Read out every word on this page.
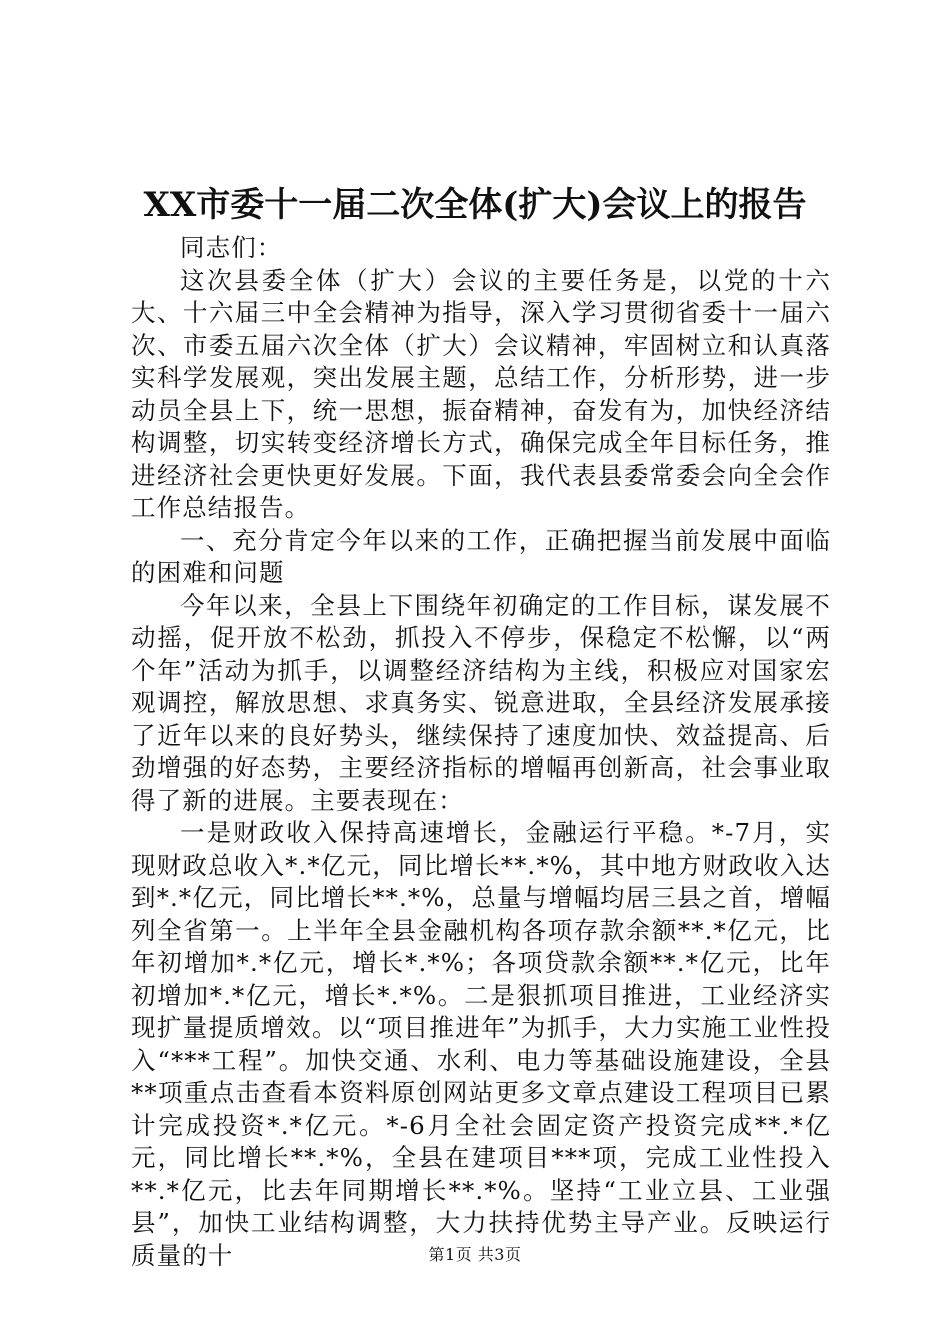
XX市委十一届二次全体(扩大)会议上的报告

同志们：

这次县委全体（扩大）会议的主要任务是，以党的十六大、十六届三中全会精神为指导，深入学习贯彻省委十一届六次、市委五届六次全体（扩大）会议精神，牢固树立和认真落实科学发展观，突出发展主题，总结工作，分析形势，进一步动员全县上下，统一思想，振奋精神，奋发有为，加快经济结构调整，切实转变经济增长方式，确保完成全年目标任务，推进经济社会更快更好发展。下面，我代表县委常委会向全会作工作总结报告。

一、充分肯定今年以来的工作，正确把握当前发展中面临的困难和问题

今年以来，全县上下围绕年初确定的工作目标，谋发展不动摇，促开放不松劲，抓投入不停步，保稳定不松懈，以“两个年”活动为抓手，以调整经济结构为主线，积极应对国家宏观调控，解放思想、求真务实、锐意进取，全县经济发展承接了近年以来的良好势头，继续保持了速度加快、效益提高、后劲增强的好态势，主要经济指标的增幅再创新高，社会事业取得了新的进展。主要表现在：

一是财政收入保持高速增长，金融运行平稳。*-7月，实现财政总收入*.*亿元，同比增长**.*%，其中地方财政收入达到*.*亿元，同比增长**.*%，总量与增幅均居三县之首，增幅列全省第一。上半年全县金融机构各项存款余额**.*亿元，比年初增加*.*亿元，增长*.*%；各项贷款余额**.*亿元，比年初增加*.*亿元，增长*.*%。二是狠抓项目推进，工业经济实现扩量提质增效。以“项目推进年”为抓手，大力实施工业性投入“***工程”。加快交通、水利、电力等基础设施建设，全县**项重点击查看本资料原创网站更多文章点建设工程项目已累计完成投资*.*亿元。*-6月全社会固定资产投资完成**.*亿元，同比增长**.*%，全县在建项目***项，完成工业性投入**.*亿元，比去年同期增长**.*%。坚持“工业立县、工业强县”，加快工业结构调整，大力扶持优势主导产业。反映运行质量的十	第1页 共3页
